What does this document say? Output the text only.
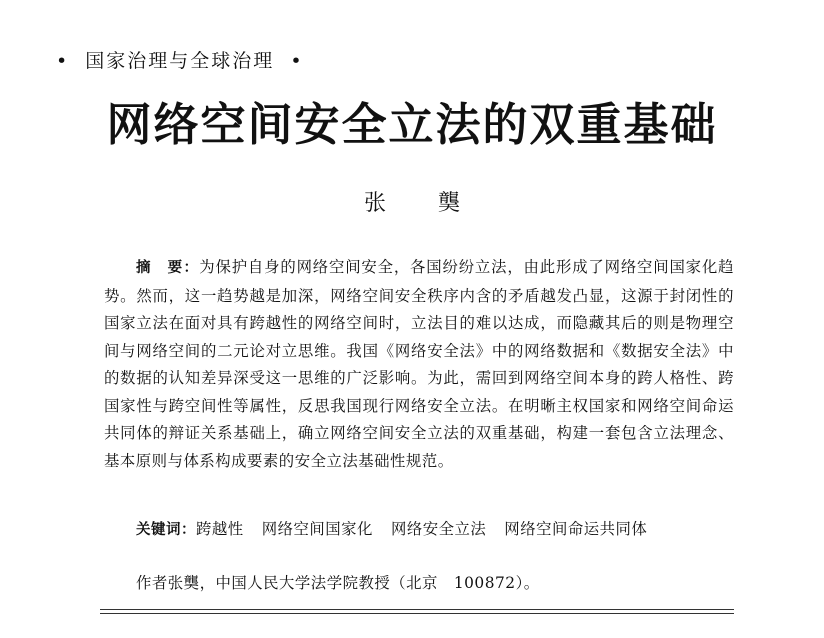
• 国家治理与全球治理 •
网络空间安全立法的双重基础
张龑
摘　要：为保护自身的网络空间安全，各国纷纷立法，由此形成了网络空间国家化趋势。然而，这一趋势越是加深，网络空间安全秩序内含的矛盾越发凸显，这源于封闭性的国家立法在面对具有跨越性的网络空间时，立法目的难以达成，而隐藏其后的则是物理空间与网络空间的二元论对立思维。我国《网络安全法》中的网络数据和《数据安全法》中的数据的认知差异深受这一思维的广泛影响。为此，需回到网络空间本身的跨人格性、跨国家性与跨空间性等属性，反思我国现行网络安全立法。在明晰主权国家和网络空间命运共同体的辩证关系基础上，确立网络空间安全立法的双重基础，构建一套包含立法理念、基本原则与体系构成要素的安全立法基础性规范。
关键词：跨越性 网络空间国家化 网络安全立法 网络空间命运共同体
作者张龑，中国人民大学法学院教授（北京　100872）。
